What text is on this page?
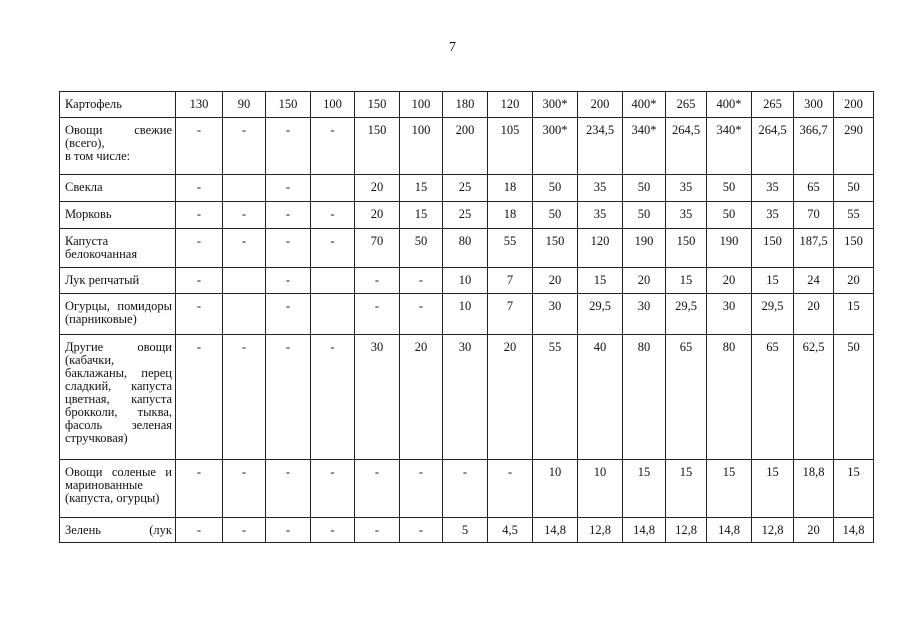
7
Картофель	130	90	150	100	150	100	180	120	300*	200	400*	265	400*	265	300	200
Овощи свежие (всего),
в том числе:	-	-	-	-	150	100	200	105	300*	234,5	340*	264,5	340*	264,5	366,7	290
Свекла	-		-		20	15	25	18	50	35	50	35	50	35	65	50
Морковь	-	-	-	-	20	15	25	18	50	35	50	35	50	35	70	55
Капуста белокочанная	-	-	-	-	70	50	80	55	150	120	190	150	190	150	187,5	150
Лук репчатый	-		-		-	-	10	7	20	15	20	15	20	15	24	20
Огурцы, помидоры (парниковые)	-		-		-	-	10	7	30	29,5	30	29,5	30	29,5	20	15
Другие овощи (кабачки, баклажаны, перец сладкий, капуста цветная, капуста брокколи, тыква, фасоль зеленая стручковая)	-	-	-	-	30	20	30	20	55	40	80	65	80	65	62,5	50
Овощи соленые и маринованные (капуста, огурцы)	-	-	-	-	-	-	-	-	10	10	15	15	15	15	18,8	15
Зелень (лук	-	-	-	-	-	-	5	4,5	14,8	12,8	14,8	12,8	14,8	12,8	20	14,8
